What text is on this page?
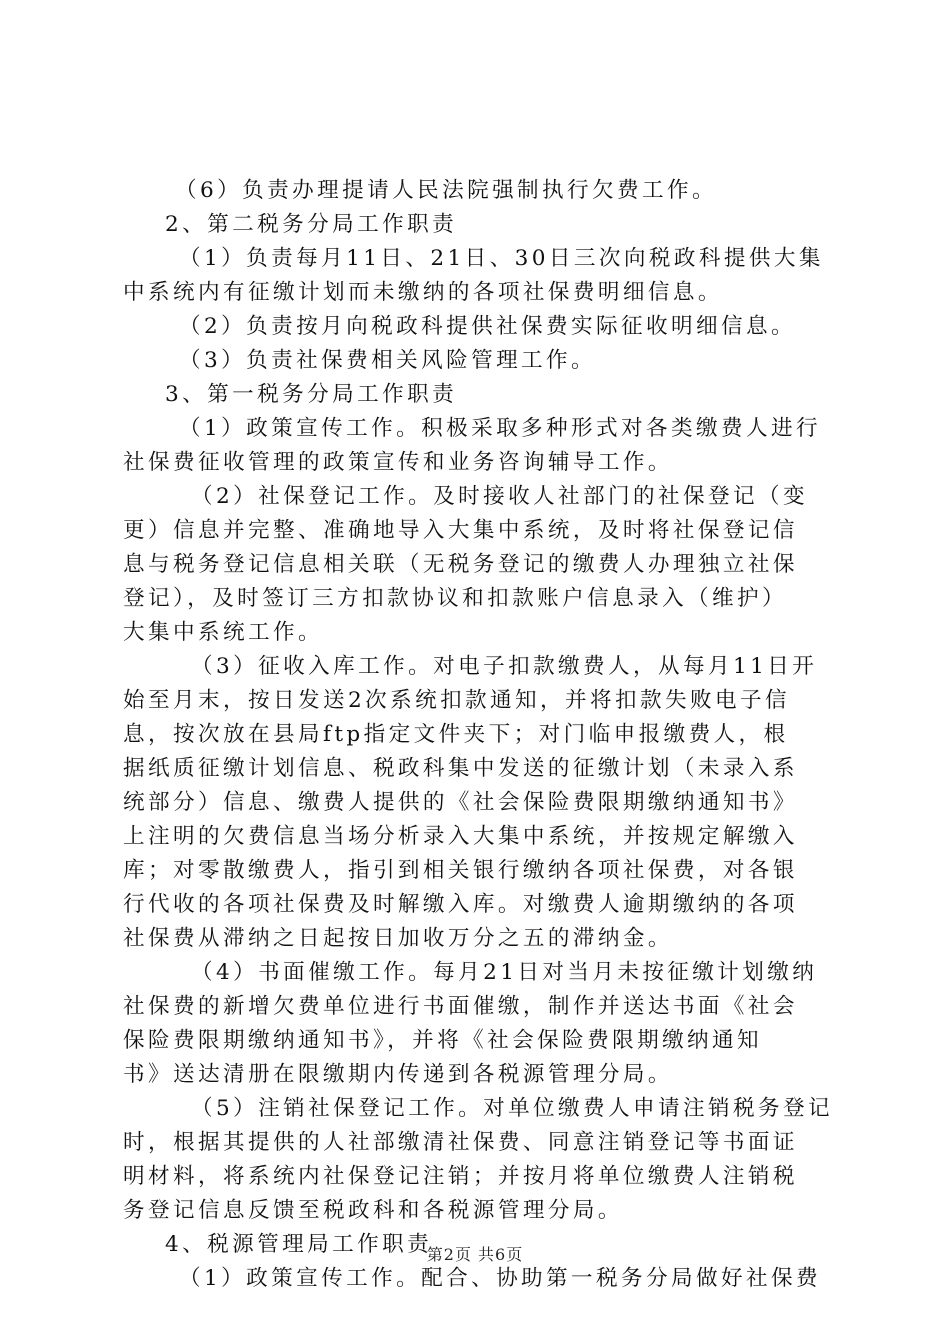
（6）负责办理提请人民法院强制执行欠费工作。
2、第二税务分局工作职责
（1）负责每月11日、21日、30日三次向税政科提供大集
中系统内有征缴计划而未缴纳的各项社保费明细信息。
（2）负责按月向税政科提供社保费实际征收明细信息。
（3）负责社保费相关风险管理工作。
3、第一税务分局工作职责
（1）政策宣传工作。积极采取多种形式对各类缴费人进行
社保费征收管理的政策宣传和业务咨询辅导工作。
（2）社保登记工作。及时接收人社部门的社保登记（变
更）信息并完整、准确地导入大集中系统，及时将社保登记信
息与税务登记信息相关联（无税务登记的缴费人办理独立社保
登记），及时签订三方扣款协议和扣款账户信息录入（维护）
大集中系统工作。
（3）征收入库工作。对电子扣款缴费人，从每月11日开
始至月末，按日发送2次系统扣款通知，并将扣款失败电子信
息，按次放在县局ftp指定文件夹下；对门临申报缴费人，根
据纸质征缴计划信息、税政科集中发送的征缴计划（未录入系
统部分）信息、缴费人提供的《社会保险费限期缴纳通知书》
上注明的欠费信息当场分析录入大集中系统，并按规定解缴入
库；对零散缴费人，指引到相关银行缴纳各项社保费，对各银
行代收的各项社保费及时解缴入库。对缴费人逾期缴纳的各项
社保费从滞纳之日起按日加收万分之五的滞纳金。
（4）书面催缴工作。每月21日对当月未按征缴计划缴纳
社保费的新增欠费单位进行书面催缴，制作并送达书面《社会
保险费限期缴纳通知书》，并将《社会保险费限期缴纳通知
书》送达清册在限缴期内传递到各税源管理分局。
（5）注销社保登记工作。对单位缴费人申请注销税务登记
时，根据其提供的人社部缴清社保费、同意注销登记等书面证
明材料，将系统内社保登记注销；并按月将单位缴费人注销税
务登记信息反馈至税政科和各税源管理分局。
4、税源管理局工作职责
（1）政策宣传工作。配合、协助第一税务分局做好社保费
第2页 共6页
